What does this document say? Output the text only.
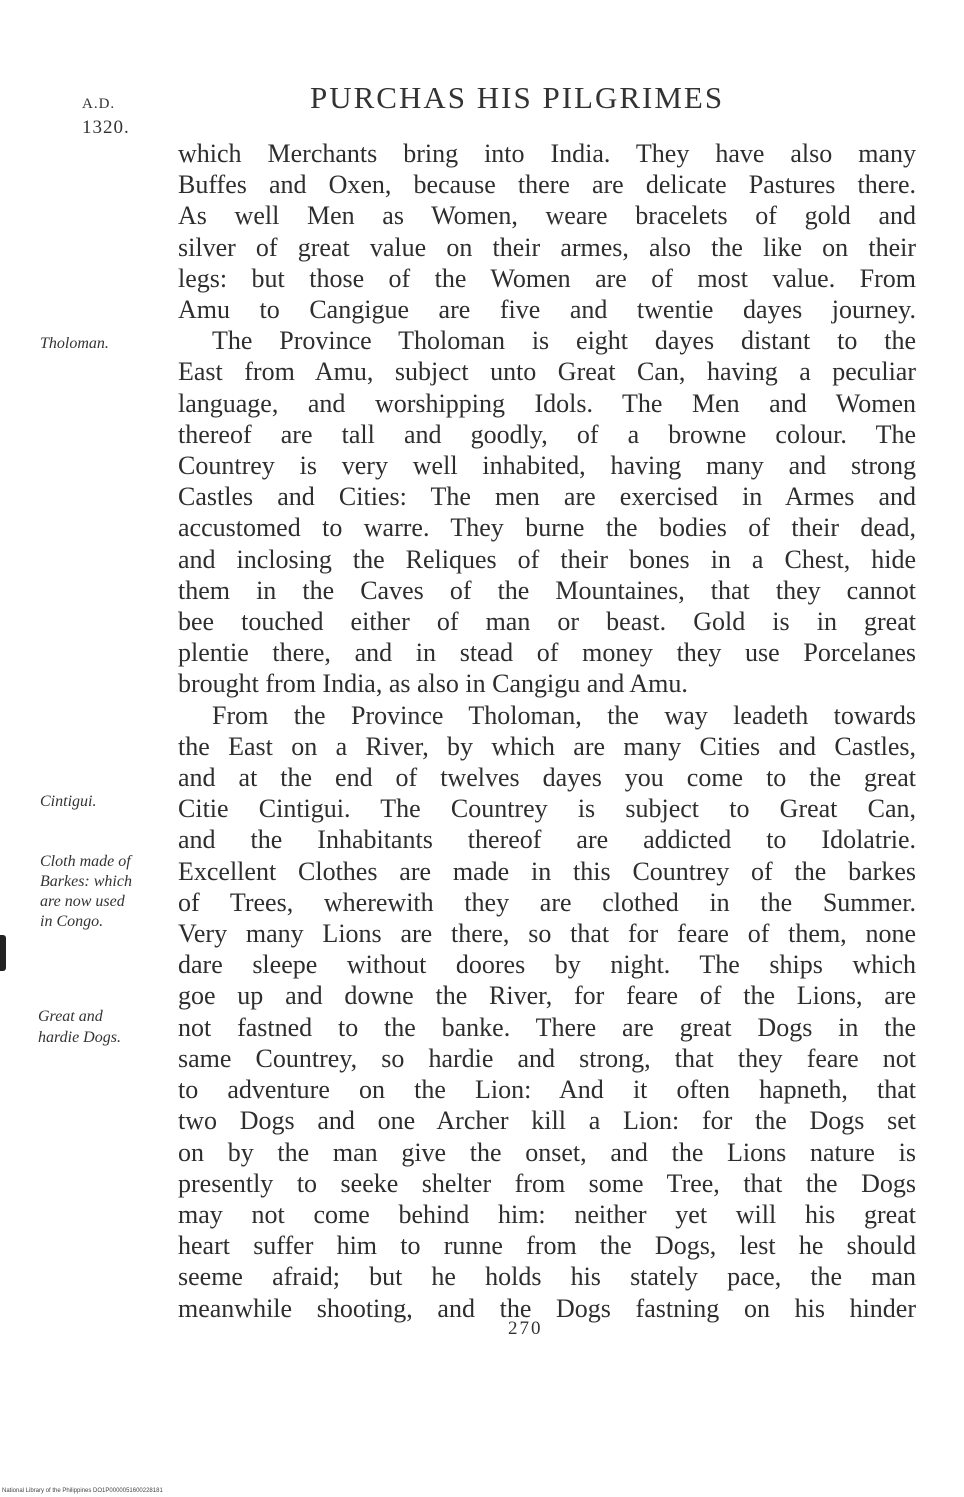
A.D.
1320.
PURCHAS HIS PILGRIMES
Tholoman.
Cintigui.
Cloth made of
Barkes: which
are now used
in Congo.
Great and
hardie Dogs.

which Merchants bring into India. They have also many
Buffes and Oxen, because there are delicate Pastures there.
As well Men as Women, weare bracelets of gold and
silver of great value on their armes, also the like on their
legs: but those of the Women are of most value. From
Amu to Cangigue are five and twentie dayes journey.

The Province Tholoman is eight dayes distant to the
East from Amu, subject unto Great Can, having a peculiar
language, and worshipping Idols. The Men and Women
thereof are tall and goodly, of a browne colour. The
Countrey is very well inhabited, having many and strong
Castles and Cities: The men are exercised in Armes and
accustomed to warre. They burne the bodies of their dead,
and inclosing the Reliques of their bones in a Chest, hide
them in the Caves of the Mountaines, that they cannot
bee touched either of man or beast. Gold is in great
plentie there, and in stead of money they use Porcelanes
brought from India, as also in Cangigu and Amu.

From the Province Tholoman, the way leadeth towards
the East on a River, by which are many Cities and Castles,
and at the end of twelves dayes you come to the great
Citie Cintigui. The Countrey is subject to Great Can,
and the Inhabitants thereof are addicted to Idolatrie.
Excellent Clothes are made in this Countrey of the barkes
of Trees, wherewith they are clothed in the Summer.
Very many Lions are there, so that for feare of them, none
dare sleepe without doores by night. The ships which
goe up and downe the River, for feare of the Lions, are
not fastned to the banke. There are great Dogs in the
same Countrey, so hardie and strong, that they feare not
to adventure on the Lion: And it often hapneth, that
two Dogs and one Archer kill a Lion: for the Dogs set
on by the man give the onset, and the Lions nature is
presently to seeke shelter from some Tree, that the Dogs
may not come behind him: neither yet will his great
heart suffer him to runne from the Dogs, lest he should
seeme afraid; but he holds his stately pace, the man
meanwhile shooting, and the Dogs fastning on his hinder

270
National Library of the Philippines DO1P0000051600228181
